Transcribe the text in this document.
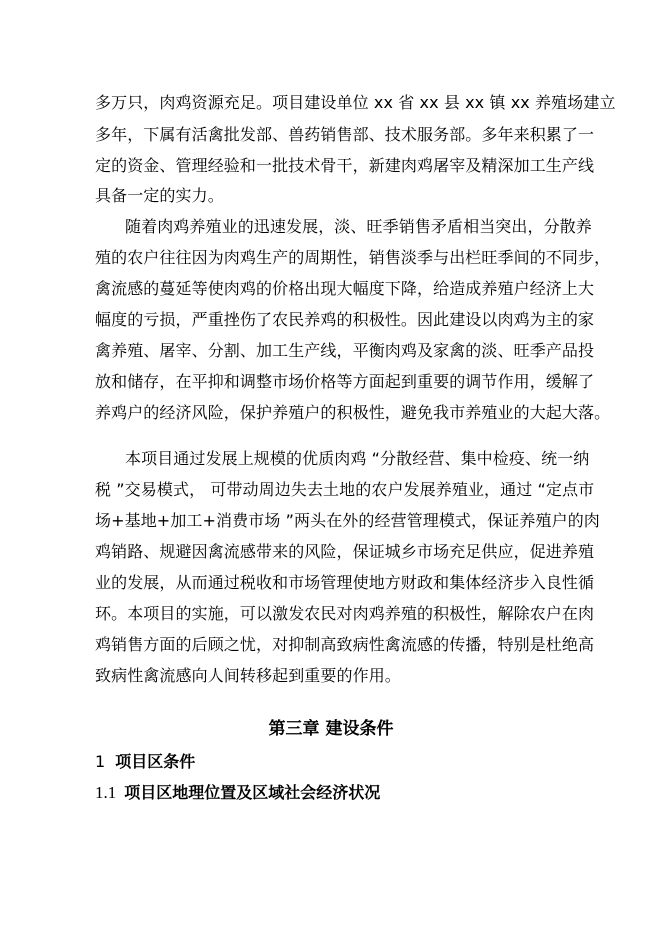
多万只，肉鸡资源充足。项目建设单位 xx 省 xx 县 xx 镇 xx 养殖场建立
多年，下属有活禽批发部、兽药销售部、技术服务部。多年来积累了一
定的资金、管理经验和一批技术骨干，新建肉鸡屠宰及精深加工生产线
具备一定的实力。
随着肉鸡养殖业的迅速发展，淡、旺季销售矛盾相当突出，分散养
殖的农户往往因为肉鸡生产的周期性，销售淡季与出栏旺季间的不同步，
禽流感的蔓延等使肉鸡的价格出现大幅度下降，给造成养殖户经济上大
幅度的亏损，严重挫伤了农民养鸡的积极性。因此建设以肉鸡为主的家
禽养殖、屠宰、分割、加工生产线，平衡肉鸡及家禽的淡、旺季产品投
放和储存，在平抑和调整市场价格等方面起到重要的调节作用，缓解了
养鸡户的经济风险，保护养殖户的积极性，避免我市养殖业的大起大落。
本项目通过发展上规模的优质肉鸡 “分散经营、集中检疫、统一纳
税 ”交易模式， 可带动周边失去土地的农户发展养殖业，通过 “定点市
场+基地+加工+消费市场 ”两头在外的经营管理模式，保证养殖户的肉
鸡销路、规避因禽流感带来的风险，保证城乡市场充足供应，促进养殖
业的发展，从而通过税收和市场管理使地方财政和集体经济步入良性循
环。本项目的实施，可以激发农民对肉鸡养殖的积极性，解除农户在肉
鸡销售方面的后顾之忧，对抑制高致病性禽流感的传播，特别是杜绝高
致病性禽流感向人间转移起到重要的作用。
第三章 建设条件
1 项目区条件
1.1 项目区地理位置及区域社会经济状况
